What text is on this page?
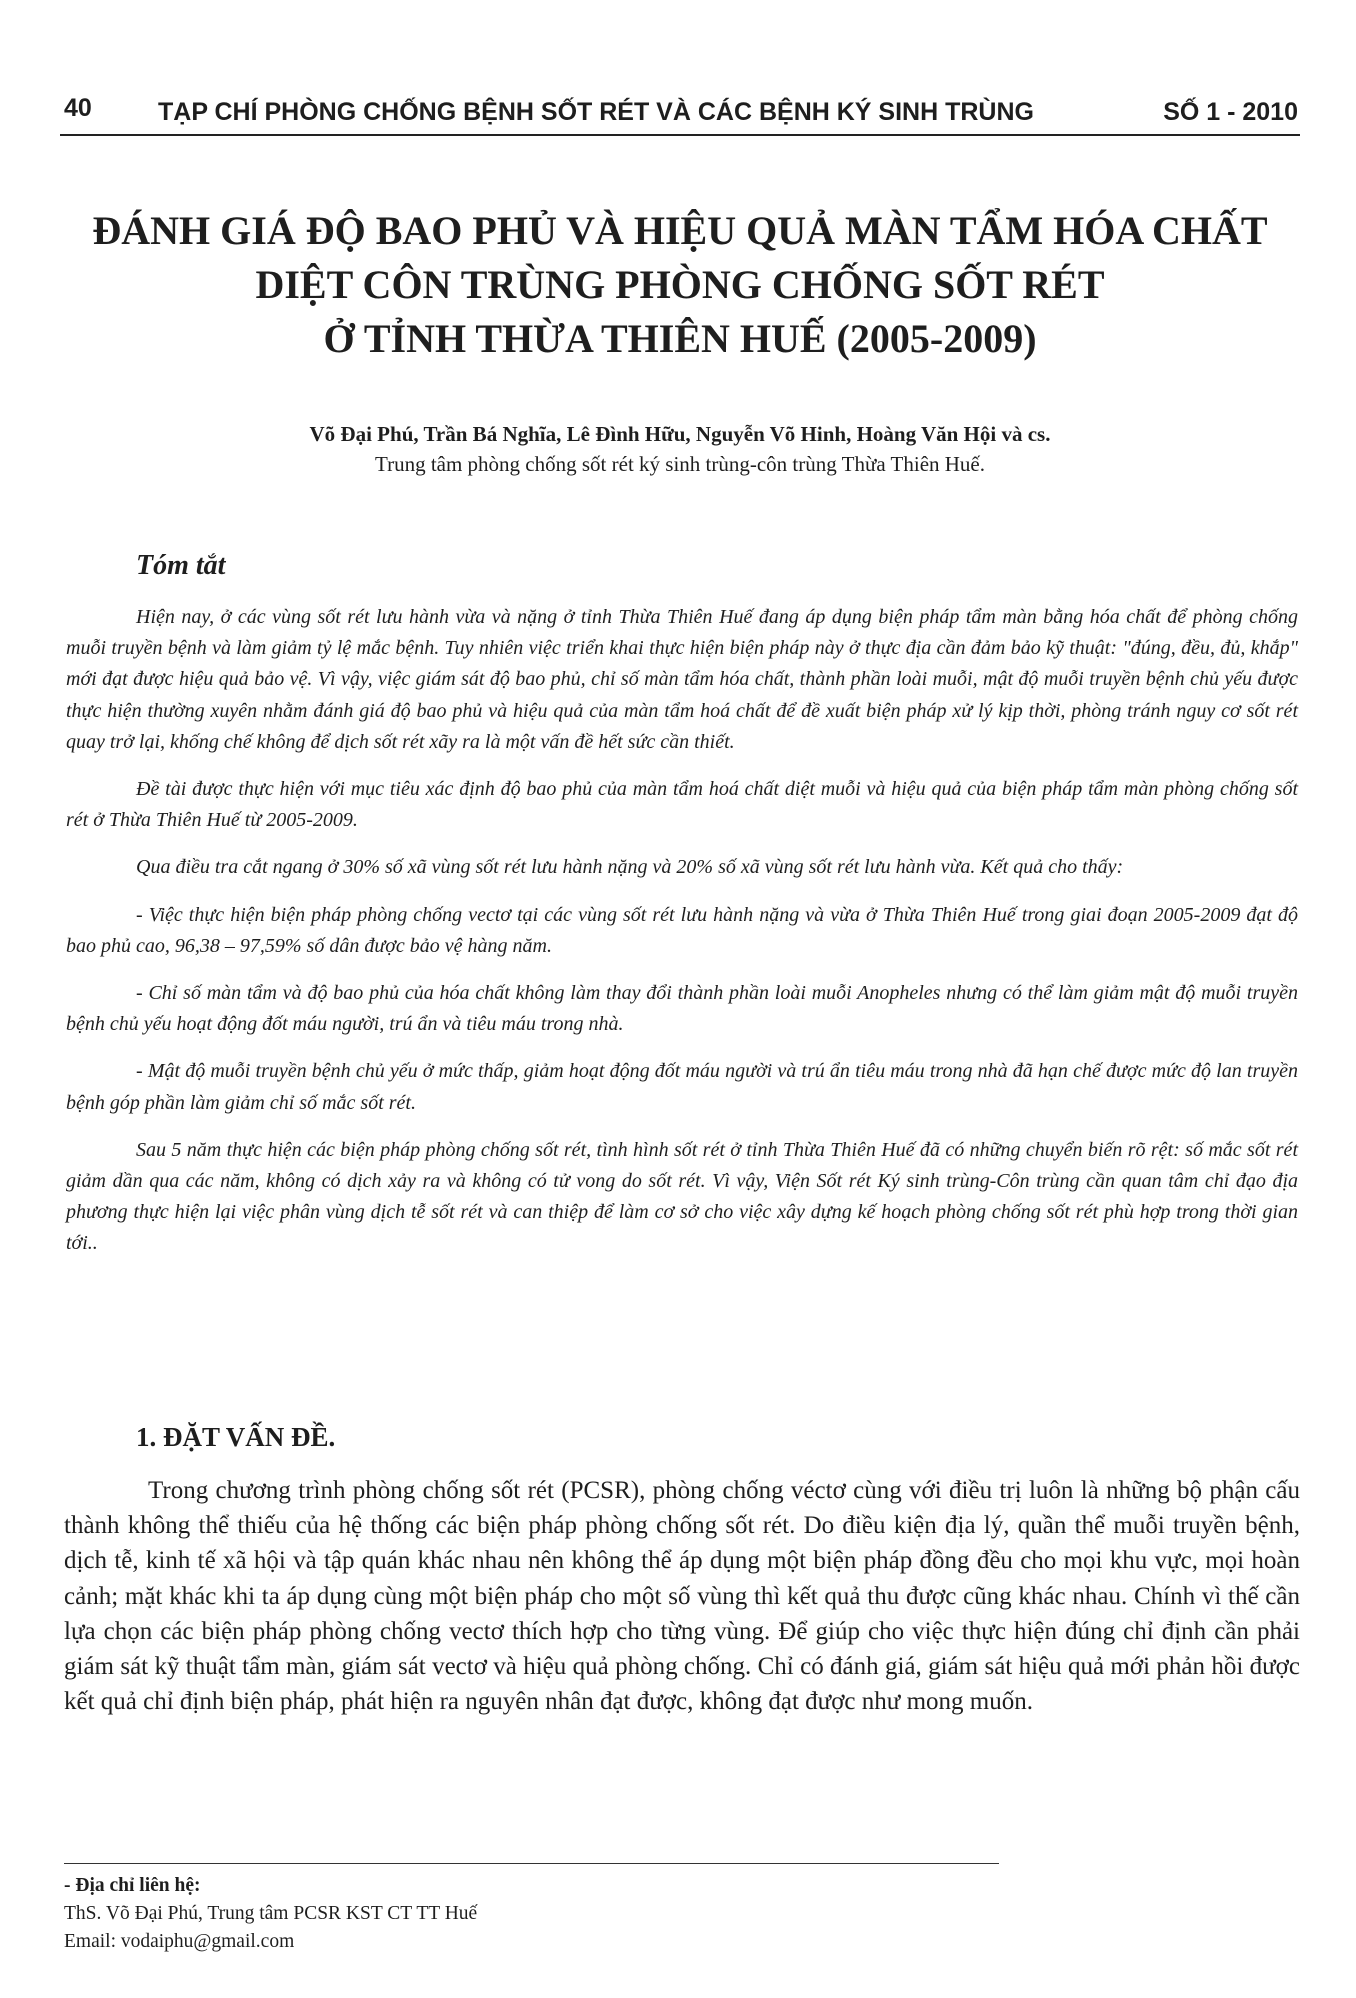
40	TẠP CHÍ PHÒNG CHỐNG BỆNH SỐT RÉT VÀ CÁC BỆNH KÝ SINH TRÙNG	SỐ 1 - 2010
ĐÁNH GIÁ ĐỘ BAO PHỦ VÀ HIỆU QUẢ MÀN TẨM HÓA CHẤT
DIỆT CÔN TRÙNG PHÒNG CHỐNG SỐT RÉT
Ở TỈNH THỪA THIÊN HUẾ (2005-2009)
Võ Đại Phú, Trần Bá Nghĩa, Lê Đình Hữu, Nguyễn Võ Hinh, Hoàng Văn Hội và cs.
Trung tâm phòng chống sốt rét ký sinh trùng-côn trùng Thừa Thiên Huế.
Tóm tắt

Hiện nay, ở các vùng sốt rét lưu hành vừa và nặng ở tỉnh Thừa Thiên Huế đang áp dụng biện pháp tẩm màn bằng hóa chất để phòng chống muỗi truyền bệnh và làm giảm tỷ lệ mắc bệnh. Tuy nhiên việc triển khai thực hiện biện pháp này ở thực địa cần đảm bảo kỹ thuật: "đúng, đều, đủ, khắp" mới đạt được hiệu quả bảo vệ. Vì vậy, việc giám sát độ bao phủ, chỉ số màn tẩm hóa chất, thành phần loài muỗi, mật độ muỗi truyền bệnh chủ yếu được thực hiện thường xuyên nhằm đánh giá độ bao phủ và hiệu quả của màn tẩm hoá chất để đề xuất biện pháp xử lý kịp thời, phòng tránh nguy cơ sốt rét quay trở lại, khống chế không để dịch sốt rét xãy ra là một vấn đề hết sức cần thiết.

Đề tài được thực hiện với mục tiêu xác định độ bao phủ của màn tẩm hoá chất diệt muỗi và hiệu quả của biện pháp tẩm màn phòng chống sốt rét ở Thừa Thiên Huế từ 2005-2009.

Qua điều tra cắt ngang ở 30% số xã vùng sốt rét lưu hành nặng và 20% số xã vùng sốt rét lưu hành vừa. Kết quả cho thấy:

- Việc thực hiện biện pháp phòng chống vectơ tại các vùng sốt rét lưu hành nặng và vừa ở Thừa Thiên Huế trong giai đoạn 2005-2009 đạt độ bao phủ cao, 96,38 – 97,59% số dân được bảo vệ hàng năm.

- Chỉ số màn tẩm và độ bao phủ của hóa chất không làm thay đổi thành phần loài muỗi Anopheles nhưng có thể làm giảm mật độ muỗi truyền bệnh chủ yếu hoạt động đốt máu người, trú ẩn và tiêu máu trong nhà.

- Mật độ muỗi truyền bệnh chủ yếu ở mức thấp, giảm hoạt động đốt máu người và trú ẩn tiêu máu trong nhà đã hạn chế được mức độ lan truyền bệnh góp phần làm giảm chỉ số mắc sốt rét.

Sau 5 năm thực hiện các biện pháp phòng chống sốt rét, tình hình sốt rét ở tỉnh Thừa Thiên Huế đã có những chuyển biến rõ rệt: số mắc sốt rét giảm dần qua các năm, không có dịch xảy ra và không có tử vong do sốt rét. Vì vậy, Viện Sốt rét Ký sinh trùng-Côn trùng cần quan tâm chỉ đạo địa phương thực hiện lại việc phân vùng dịch tễ sốt rét và can thiệp để làm cơ sở cho việc xây dựng kế hoạch phòng chống sốt rét phù hợp trong thời gian tới..

1. ĐẶT VẤN ĐỀ.

Trong chương trình phòng chống sốt rét (PCSR), phòng chống véctơ cùng với điều trị luôn là những bộ phận cấu thành không thể thiếu của hệ thống các biện pháp phòng chống sốt rét. Do điều kiện địa lý, quần thể muỗi truyền bệnh, dịch tễ, kinh tế xã hội và tập quán khác nhau nên không thể áp dụng một biện pháp đồng đều cho mọi khu vực, mọi hoàn cảnh; mặt khác khi ta áp dụng cùng một biện pháp cho một số vùng thì kết quả thu được cũng khác nhau. Chính vì thế cần lựa chọn các biện pháp phòng chống vectơ thích hợp cho từng vùng. Để giúp cho việc thực hiện đúng chỉ định cần phải giám sát kỹ thuật tẩm màn, giám sát vectơ và hiệu quả phòng chống. Chỉ có đánh giá, giám sát hiệu quả mới phản hồi được kết quả chỉ định biện pháp, phát hiện ra nguyên nhân đạt được, không đạt được như mong muốn.

- Địa chỉ liên hệ:
ThS. Võ Đại Phú, Trung tâm PCSR KST CT TT Huế
Email: vodaiphu@gmail.com
